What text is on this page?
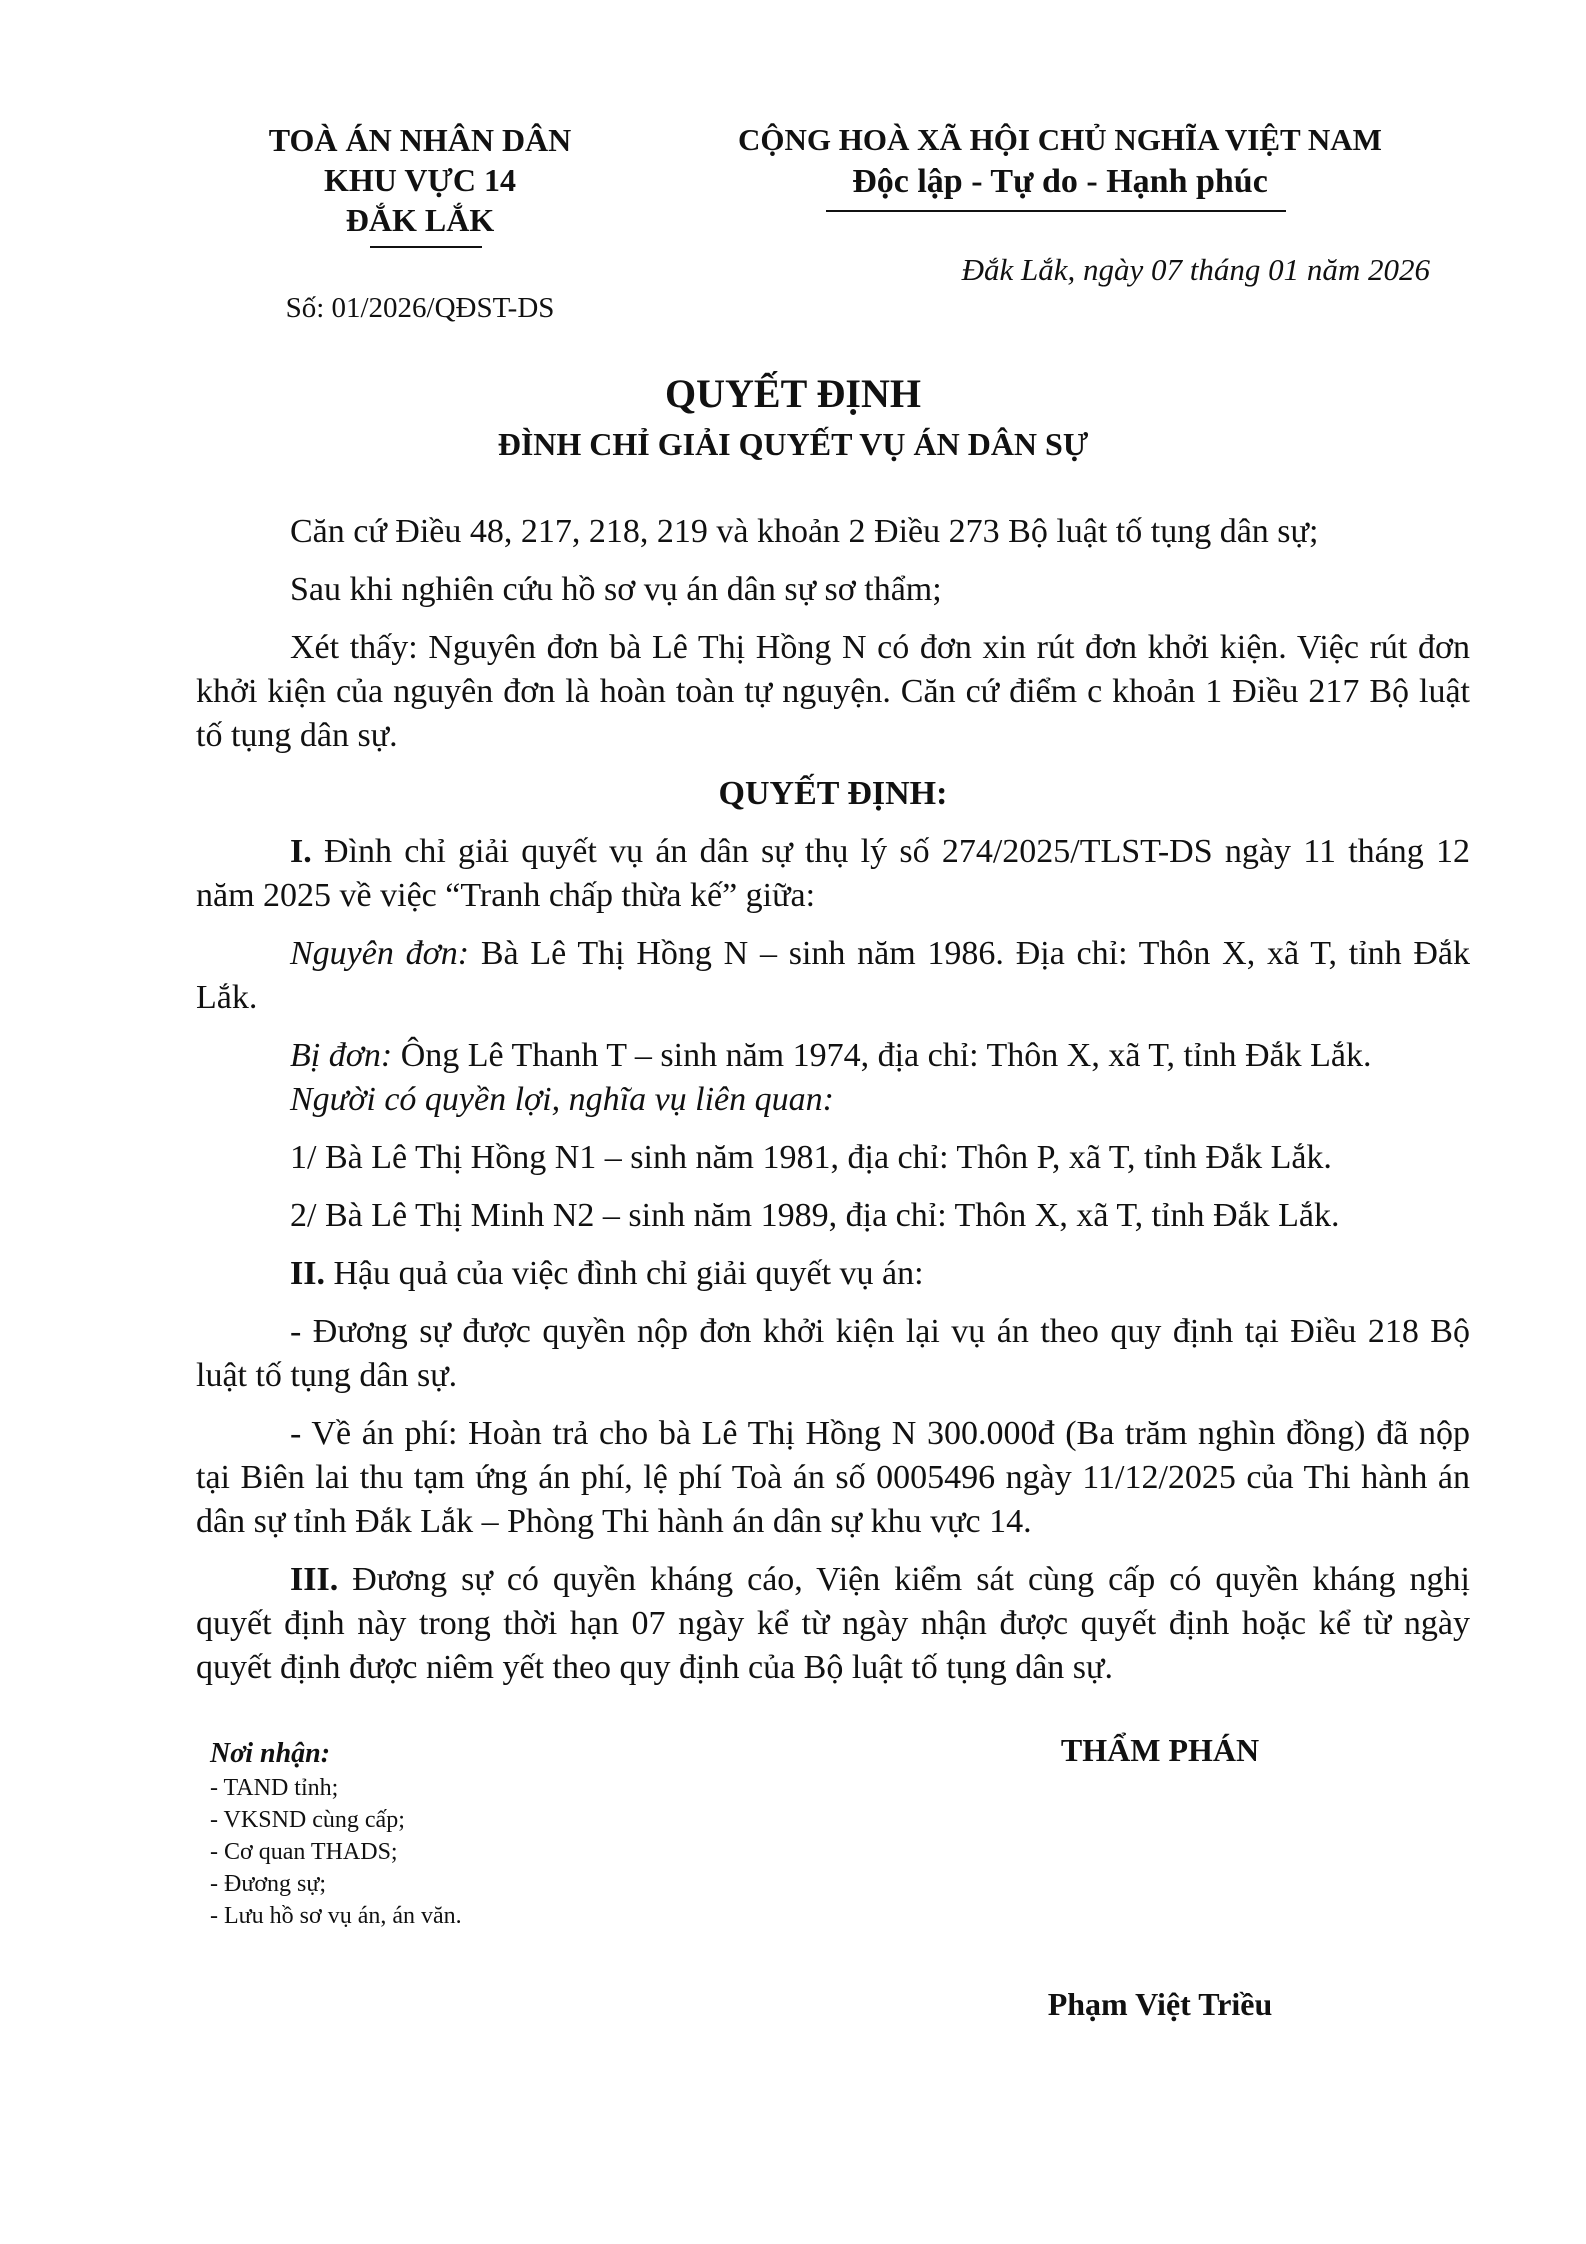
TOÀ ÁN NHÂN DÂN
KHU VỰC 14
ĐẮK LẮK
Số: 01/2026/QĐST-DS
CỘNG HOÀ XÃ HỘI CHỦ NGHĨA VIỆT NAM
Độc lập - Tự do - Hạnh phúc
Đắk Lắk, ngày 07 tháng 01 năm 2026
QUYẾT ĐỊNH
ĐÌNH CHỈ GIẢI QUYẾT VỤ ÁN DÂN SỰ

Căn cứ Điều 48, 217, 218, 219 và khoản 2 Điều 273 Bộ luật tố tụng dân sự;

Sau khi nghiên cứu hồ sơ vụ án dân sự sơ thẩm;

Xét thấy: Nguyên đơn bà Lê Thị Hồng N có đơn xin rút đơn khởi kiện. Việc rút đơn khởi kiện của nguyên đơn là hoàn toàn tự nguyện. Căn cứ điểm c khoản 1 Điều 217 Bộ luật tố tụng dân sự.

QUYẾT ĐỊNH:

I. Đình chỉ giải quyết vụ án dân sự thụ lý số 274/2025/TLST-DS ngày 11 tháng 12 năm 2025 về việc “Tranh chấp thừa kế” giữa:

Nguyên đơn: Bà Lê Thị Hồng N – sinh năm 1986. Địa chỉ: Thôn X, xã T, tỉnh Đắk Lắk.

Bị đơn: Ông Lê Thanh T – sinh năm 1974, địa chỉ: Thôn X, xã T, tỉnh Đắk Lắk.

Người có quyền lợi, nghĩa vụ liên quan:

1/ Bà Lê Thị Hồng N1 – sinh năm 1981, địa chỉ: Thôn P, xã T, tỉnh Đắk Lắk.

2/ Bà Lê Thị Minh N2 – sinh năm 1989, địa chỉ: Thôn X, xã T, tỉnh Đắk Lắk.

II. Hậu quả của việc đình chỉ giải quyết vụ án:

- Đương sự được quyền nộp đơn khởi kiện lại vụ án theo quy định tại Điều 218 Bộ luật tố tụng dân sự.

- Về án phí: Hoàn trả cho bà Lê Thị Hồng N 300.000đ (Ba trăm nghìn đồng) đã nộp tại Biên lai thu tạm ứng án phí, lệ phí Toà án số 0005496 ngày 11/12/2025 của Thi hành án dân sự tỉnh Đắk Lắk – Phòng Thi hành án dân sự khu vực 14.

III. Đương sự có quyền kháng cáo, Viện kiểm sát cùng cấp có quyền kháng nghị quyết định này trong thời hạn 07 ngày kể từ ngày nhận được quyết định hoặc kể từ ngày quyết định được niêm yết theo quy định của Bộ luật tố tụng dân sự.

Nơi nhận:
- TAND tỉnh;
- VKSND cùng cấp;
- Cơ quan THADS;
- Đương sự;
- Lưu hồ sơ vụ án, án văn.
THẨM PHÁN
Phạm Việt Triều
